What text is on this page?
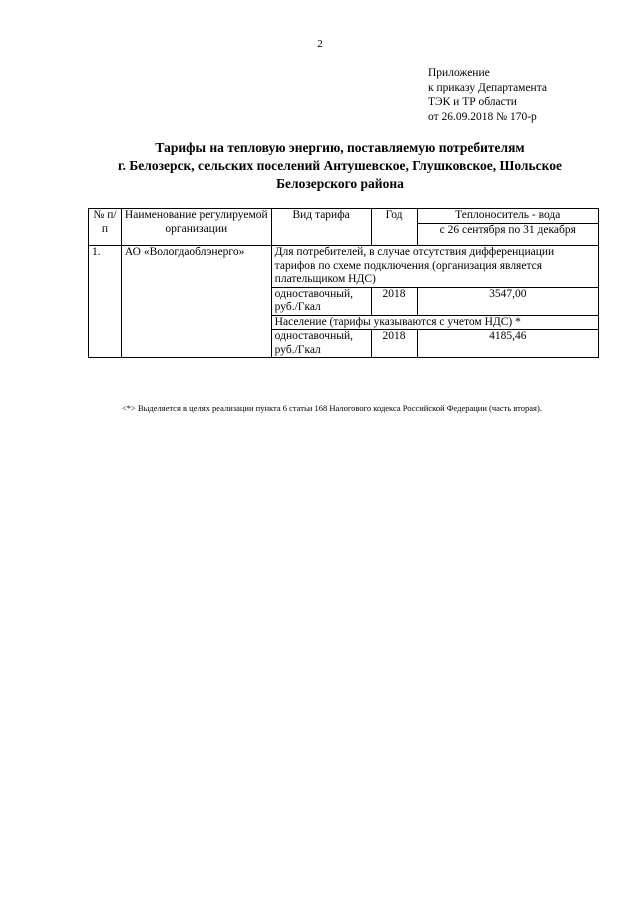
2
Приложение
к приказу Департамента
ТЭК и ТР области
от 26.09.2018 № 170-р
Тарифы на тепловую энергию, поставляемую потребителям
г. Белозерск, сельских поселений Антушевское, Глушковское, Шольское
Белозерского района
№ п/п	Наименование регулируемой организации	Вид тарифа	Год	Теплоноситель - вода
				с 26 сентября по 31 декабря
1.	АО «Вологдаоблэнерго»	Для потребителей, в случае отсутствия дифференциации тарифов по схеме подключения (организация является плательщиком НДС)		
		одноставочный, руб./Гкал	2018	3547,00
		Население (тарифы указываются с учетом НДС) *		
		одноставочный, руб./Гкал	2018	4185,46
<*> Выделяется в целях реализации пункта 6 статьи 168 Налогового кодекса Российской Федерации (часть вторая).
